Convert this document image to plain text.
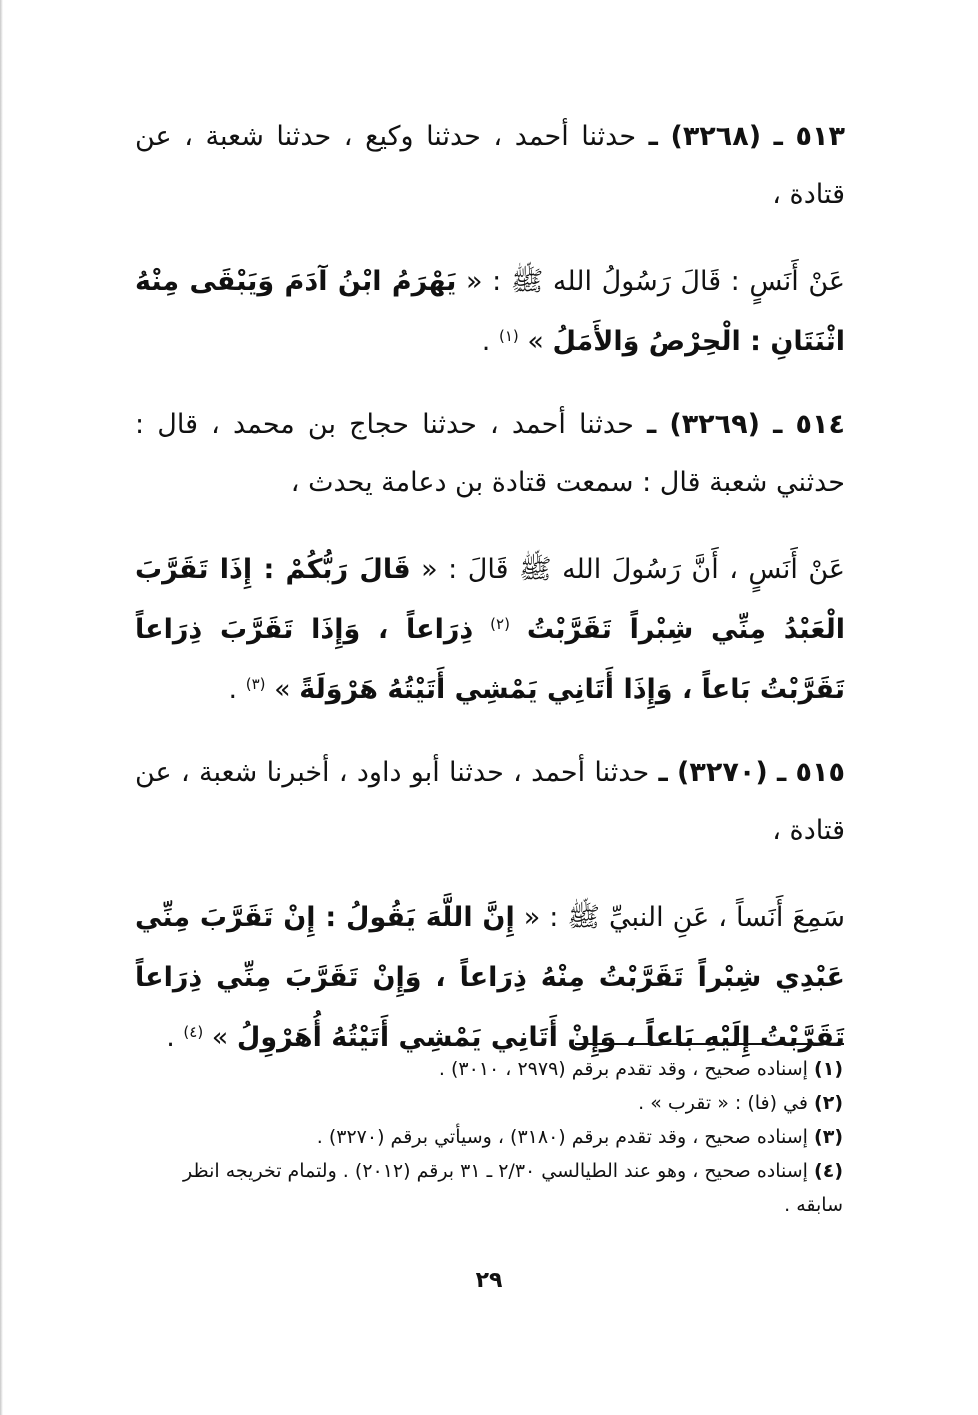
٥١٣ ـ (٣٢٦٨) ـ حدثنا أحمد ، حدثنا وكيع ، حدثنا شعبة ، عن قتادة ،

عَنْ أَنَسٍ : قَالَ رَسُولُ الله ﷺ : « يَهْرَمُ ابْنُ آدَمَ وَيَبْقَى مِنْهُ اثْنَتَانِ : الْحِرْصُ وَالأَمَلُ » $^{(١)}$ .

٥١٤ ـ (٣٢٦٩) ـ حدثنا أحمد ، حدثنا حجاج بن محمد ، قال : حدثني شعبة قال : سمعت قتادة بن دعامة يحدث ،

عَنْ أَنَسٍ ، أَنَّ رَسُولَ الله ﷺ قَالَ : « قَالَ رَبُّكُمْ : إِذَا تَقَرَّبَ الْعَبْدُ مِنِّي شِبْراً تَقَرَّبْتُ $^{(٢)}$ ذِرَاعاً ، وَإِذَا تَقَرَّبَ ذِرَاعاً تَقَرَّبْتُ بَاعاً ، وَإِذَا أَتَانِي يَمْشِي أَتَيْتُهُ هَرْوَلَةً » $^{(٣)}$ .

٥١٥ ـ (٣٢٧٠) ـ حدثنا أحمد ، حدثنا أبو داود ، أخبرنا شعبة ، عن قتادة ،

سَمِعَ أَنَساً ، عَنِ النبيِّ ﷺ : « إِنَّ اللَّهَ يَقُولُ : إِنْ تَقَرَّبَ مِنِّي عَبْدِي شِبْراً تَقَرَّبْتُ مِنْهُ ذِرَاعاً ، وَإِنْ تَقَرَّبَ مِنِّي ذِرَاعاً تَقَرَّبْتُ إِلَيْهِ بَاعاً ، وَإِنْ أَتَانِي يَمْشِي أَتَيْتُهُ أُهَرْوِلُ » $^{(٤)}$ .

(١) إسناده صحيح ، وقد تقدم برقم (٢٩٧٩ ، ٣٠١٠) .

(٢) في (فا) : « تقرب » .

(٣) إسناده صحيح ، وقد تقدم برقم (٣١٨٠) ، وسيأتي برقم (٣٢٧٠) .

(٤) إسناده صحيح ، وهو عند الطيالسي ٢/٣٠ ـ ٣١ برقم (٢٠١٢) . ولتمام تخريجه انظر سابقه .

٢٩
